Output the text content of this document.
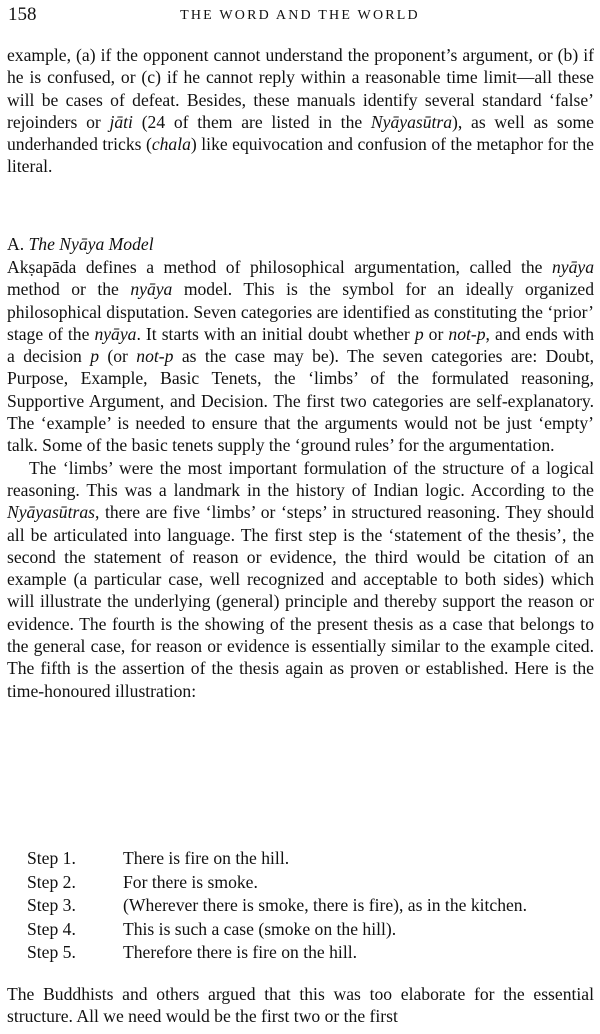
158	THE WORD AND THE WORLD

example, (a) if the opponent cannot understand the proponent’s argument, or (b) if he is confused, or (c) if he cannot reply within a reasonable time limit—all these will be cases of defeat. Besides, these manuals identify several standard ‘false’ rejoinders or jāti (24 of them are listed in the Nyāyasūtra), as well as some underhanded tricks (chala) like equivocation and confusion of the metaphor for the literal.

A. The Nyāya Model

Akṣapāda defines a method of philosophical argumentation, called the nyāya method or the nyāya model. This is the symbol for an ideally organized philosophical disputation. Seven categories are identified as constituting the ‘prior’ stage of the nyāya. It starts with an initial doubt whether p or not-p, and ends with a decision p (or not-p as the case may be). The seven categories are: Doubt, Purpose, Example, Basic Tenets, the ‘limbs’ of the formulated reasoning, Supportive Argument, and Decision. The first two categories are self-explanatory. The ‘example’ is needed to ensure that the arguments would not be just ‘empty’ talk. Some of the basic tenets supply the ‘ground rules’ for the argumentation.

The ‘limbs’ were the most important formulation of the structure of a logical reasoning. This was a landmark in the history of Indian logic. According to the Nyāyasūtras, there are five ‘limbs’ or ‘steps’ in structured reasoning. They should all be articulated into language. The first step is the ‘statement of the thesis’, the second the statement of reason or evidence, the third would be citation of an example (a particular case, well recognized and acceptable to both sides) which will illustrate the underlying (general) principle and thereby support the reason or evidence. The fourth is the showing of the present thesis as a case that belongs to the general case, for reason or evidence is essentially similar to the example cited. The fifth is the assertion of the thesis again as proven or established. Here is the time-honoured illustration:

Step 1.	There is fire on the hill.
Step 2.	For there is smoke.
Step 3.	(Wherever there is smoke, there is fire), as in the kitchen.
Step 4.	This is such a case (smoke on the hill).
Step 5.	Therefore there is fire on the hill.

The Buddhists and others argued that this was too elaborate for the essential structure. All we need would be the first two or the first
